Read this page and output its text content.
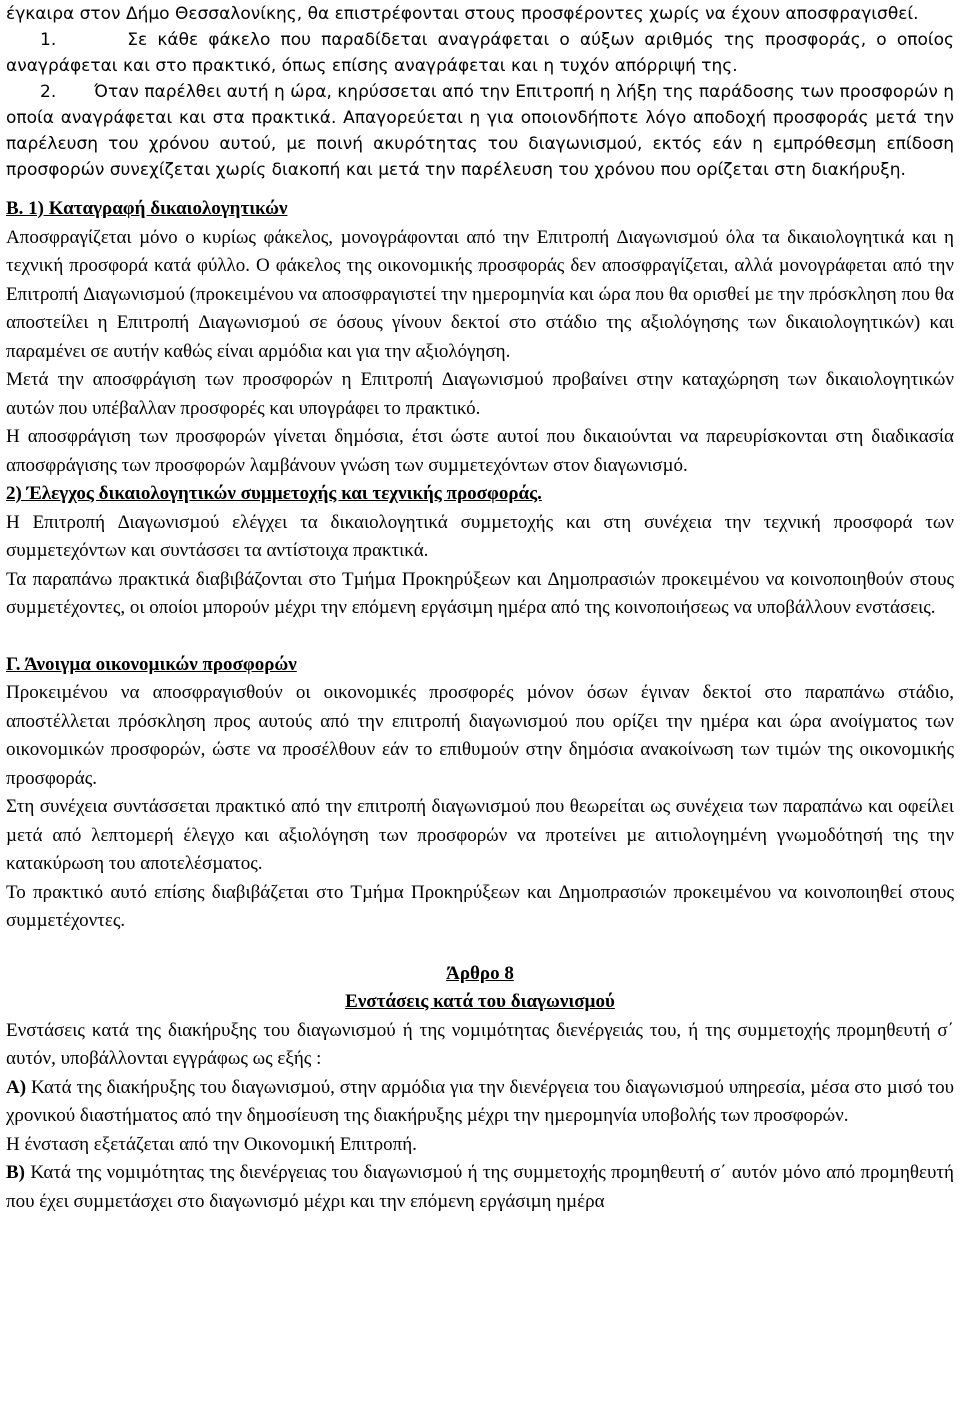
έγκαιρα στον Δήμο Θεσσαλονίκης, θα επιστρέφονται στους προσφέροντες χωρίς να έχουν αποσφραγισθεί.

1.	Σε κάθε φάκελο που παραδίδεται αναγράφεται ο αύξων αριθµός της προσφοράς, ο οποίος αναγράφεται και στο πρακτικό, όπως επίσης αναγράφεται και η τυχόν απόρριψή της.

2. Όταν παρέλθει αυτή η ώρα, κηρύσσεται από την Επιτροπή η λήξη της παράδοσης των προσφορών η οποία αναγράφεται και στα πρακτικά. Απαγορεύεται η για οποιονδήποτε λόγο αποδοχή προσφοράς µετά την παρέλευση του χρόνου αυτού, µε ποινή ακυρότητας του διαγωνισµού, εκτός εάν η εµπρόθεσµη επίδοση προσφορών συνεχίζεται χωρίς διακοπή και µετά την παρέλευση του χρόνου που ορίζεται στη διακήρυξη.

Β. 1) Καταγραφή δικαιολογητικών

Αποσφραγίζεται µόνο ο κυρίως φάκελος, µονογράφονται από την Επιτροπή ∆ιαγωνισµού όλα τα δικαιολογητικά και η τεχνική προσφορά κατά φύλλο. Ο φάκελος της οικονοµικής προσφοράς δεν αποσφραγίζεται, αλλά µονογράφεται από την Επιτροπή ∆ιαγωνισµού (προκειµένου να αποσφραγιστεί την ηµεροµηνία και ώρα που θα ορισθεί µε την πρόσκληση που θα αποστείλει η Επιτροπή ∆ιαγωνισµού σε όσους γίνουν δεκτοί στο στάδιο της αξιολόγησης των δικαιολογητικών) και παραµένει σε αυτήν καθώς είναι αρµόδια και για την αξιολόγηση.

Μετά την αποσφράγιση των προσφορών η Επιτροπή ∆ιαγωνισµού προβαίνει στην καταχώρηση των δικαιολογητικών αυτών που υπέβαλλαν προσφορές και υπογράφει το πρακτικό.

Η αποσφράγιση των προσφορών γίνεται δηµόσια, έτσι ώστε αυτοί που δικαιούνται να παρευρίσκονται στη διαδικασία αποσφράγισης των προσφορών λαµβάνουν γνώση των συµµετεχόντων στον διαγωνισµό.

2) Έλεγχος δικαιολογητικών συµµετοχής και τεχνικής προσφοράς.

Η Επιτροπή ∆ιαγωνισµού ελέγχει τα δικαιολογητικά συµµετοχής και στη συνέχεια την τεχνική προσφορά των συµµετεχόντων και συντάσσει τα αντίστοιχα πρακτικά.

Τα παραπάνω πρακτικά διαβιβάζονται στο Τµήµα Προκηρύξεων και ∆ηµοπρασιών προκειµένου να κοινοποιηθούν στους συµµετέχοντες, οι οποίοι µπορούν µέχρι την επόµενη εργάσιµη ηµέρα από της κοινοποιήσεως να υποβάλλουν ενστάσεις.

Γ. Άνοιγµα οικονοµικών προσφορών

Προκειµένου να αποσφραγισθούν οι οικονοµικές προσφορές µόνον όσων έγιναν δεκτοί στο παραπάνω στάδιο, αποστέλλεται πρόσκληση προς αυτούς από την επιτροπή διαγωνισµού που ορίζει την ηµέρα και ώρα ανοίγµατος των οικονοµικών προσφορών, ώστε να προσέλθουν εάν το επιθυµούν στην δηµόσια ανακοίνωση των τιµών της οικονοµικής προσφοράς.

Στη συνέχεια συντάσσεται πρακτικό από την επιτροπή διαγωνισµού που θεωρείται ως συνέχεια των παραπάνω και οφείλει µετά από λεπτοµερή έλεγχο και αξιολόγηση των προσφορών να προτείνει µε αιτιολογηµένη γνωµοδότησή της την κατακύρωση του αποτελέσµατος.

Το πρακτικό αυτό επίσης διαβιβάζεται στο Τµήµα Προκηρύξεων και ∆ηµοπρασιών προκειµένου να κοινοποιηθεί στους συµµετέχοντες.

Άρθρο 8

Ενστάσεις κατά του διαγωνισµού

Ενστάσεις κατά της διακήρυξης του διαγωνισµού ή της νοµιµότητας διενέργειάς του, ή της συµµετοχής προµηθευτή σ΄ αυτόν, υποβάλλονται εγγράφως ως εξής :

Α) Κατά της διακήρυξης του διαγωνισµού, στην αρµόδια για την διενέργεια του διαγωνισµού υπηρεσία, µέσα στο µισό του χρονικού διαστήµατος από την δηµοσίευση της διακήρυξης µέχρι την ηµεροµηνία υποβολής των προσφορών.

Η ένσταση εξετάζεται από την Οικονοµική Επιτροπή.

Β) Κατά της νοµιµότητας της διενέργειας του διαγωνισµού ή της συµµετοχής προµηθευτή σ΄ αυτόν µόνο από προµηθευτή που έχει συµµετάσχει στο διαγωνισµό µέχρι και την επόµενη εργάσιµη ηµέρα
